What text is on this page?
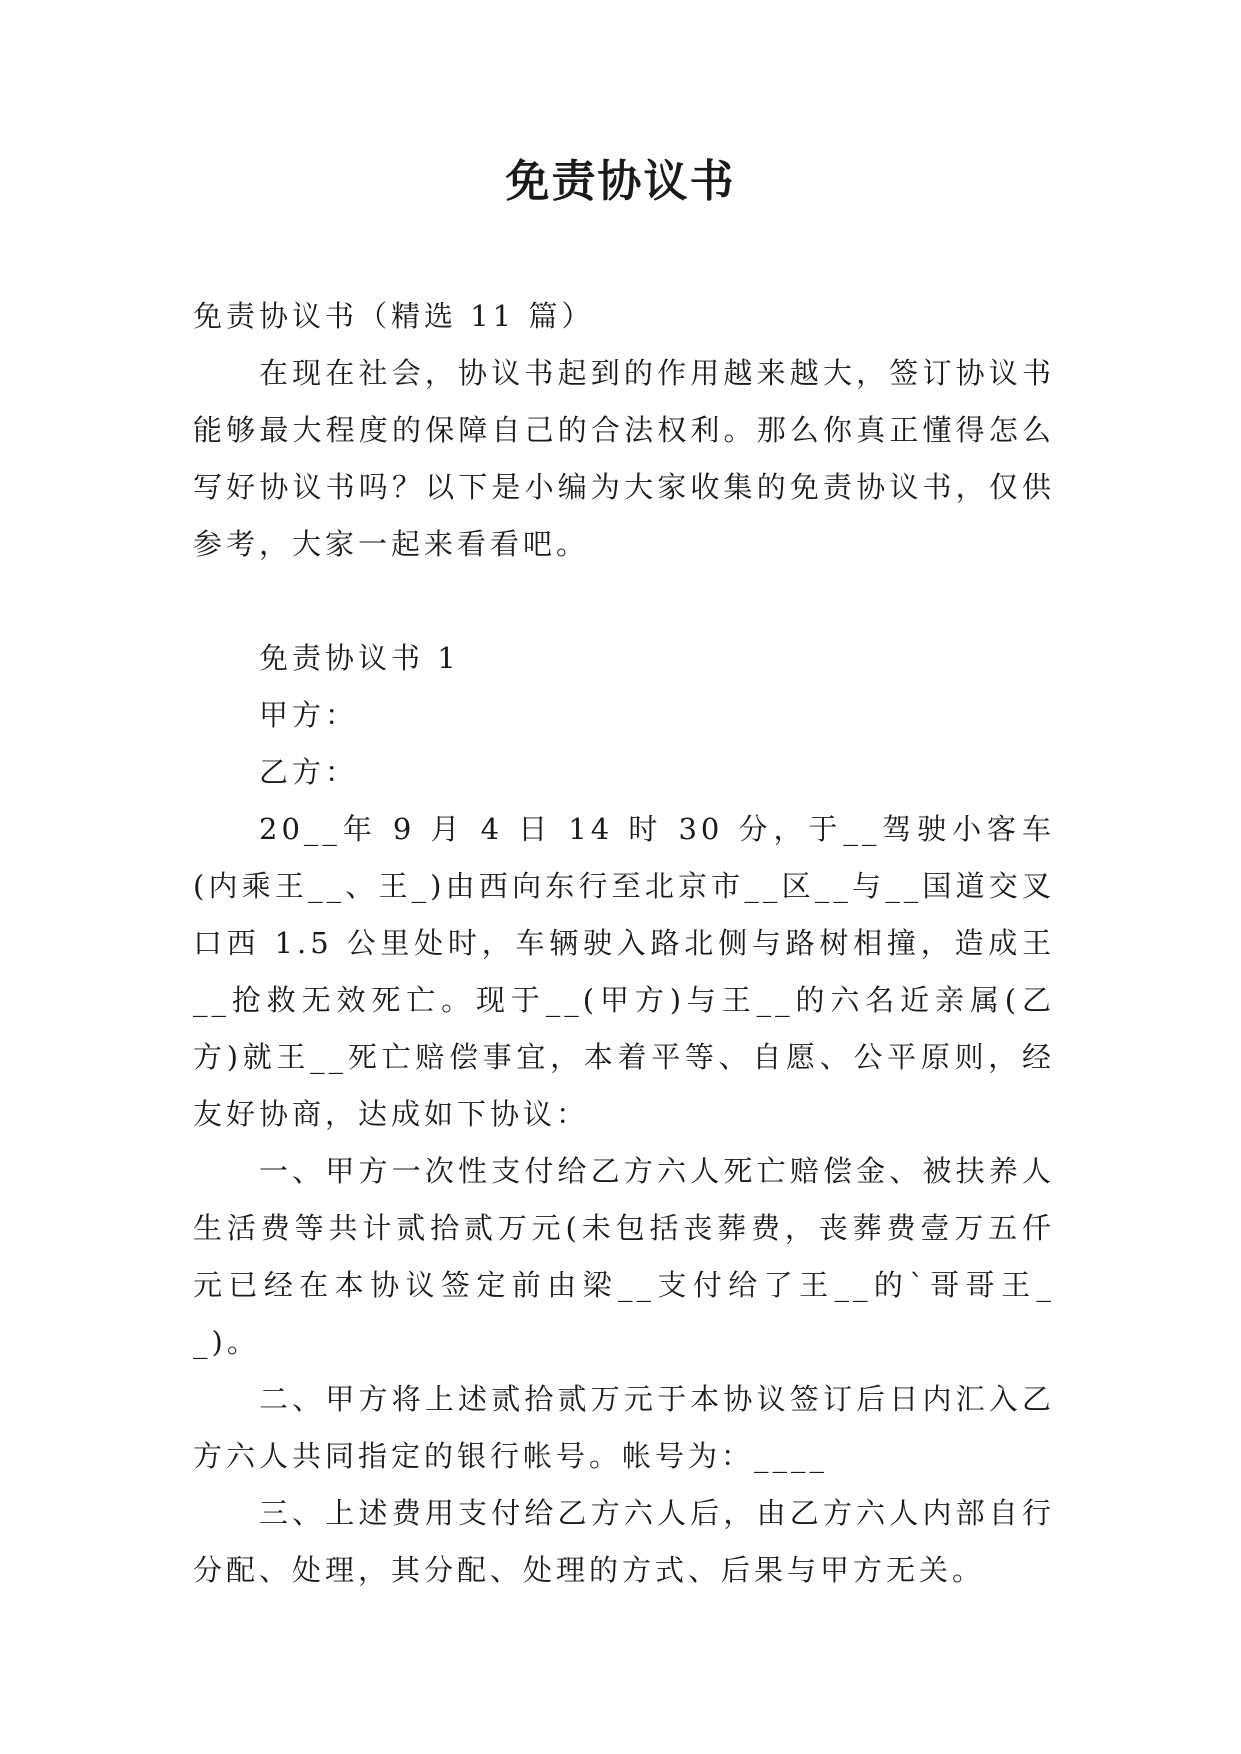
免责协议书

免责协议书（精选 11 篇）

在现在社会，协议书起到的作用越来越大，签订协议书能够最大程度的保障自己的合法权利。那么你真正懂得怎么写好协议书吗？以下是小编为大家收集的免责协议书，仅供参考，大家一起来看看吧。

免责协议书 1

甲方：

乙方：

20__年 9 月 4 日 14 时 30 分，于__驾驶小客车(内乘王__、王_)由西向东行至北京市__区__与__国道交叉口西 1.5 公里处时，车辆驶入路北侧与路树相撞，造成王__抢救无效死亡。现于__(甲方)与王__的六名近亲属(乙方)就王__死亡赔偿事宜，本着平等、自愿、公平原则，经友好协商，达成如下协议：

一、甲方一次性支付给乙方六人死亡赔偿金、被扶养人生活费等共计贰拾贰万元(未包括丧葬费，丧葬费壹万五仟元已经在本协议签定前由梁__支付给了王__的`哥哥王__)。

二、甲方将上述贰拾贰万元于本协议签订后日内汇入乙方六人共同指定的银行帐号。帐号为：____

三、上述费用支付给乙方六人后，由乙方六人内部自行分配、处理，其分配、处理的方式、后果与甲方无关。
